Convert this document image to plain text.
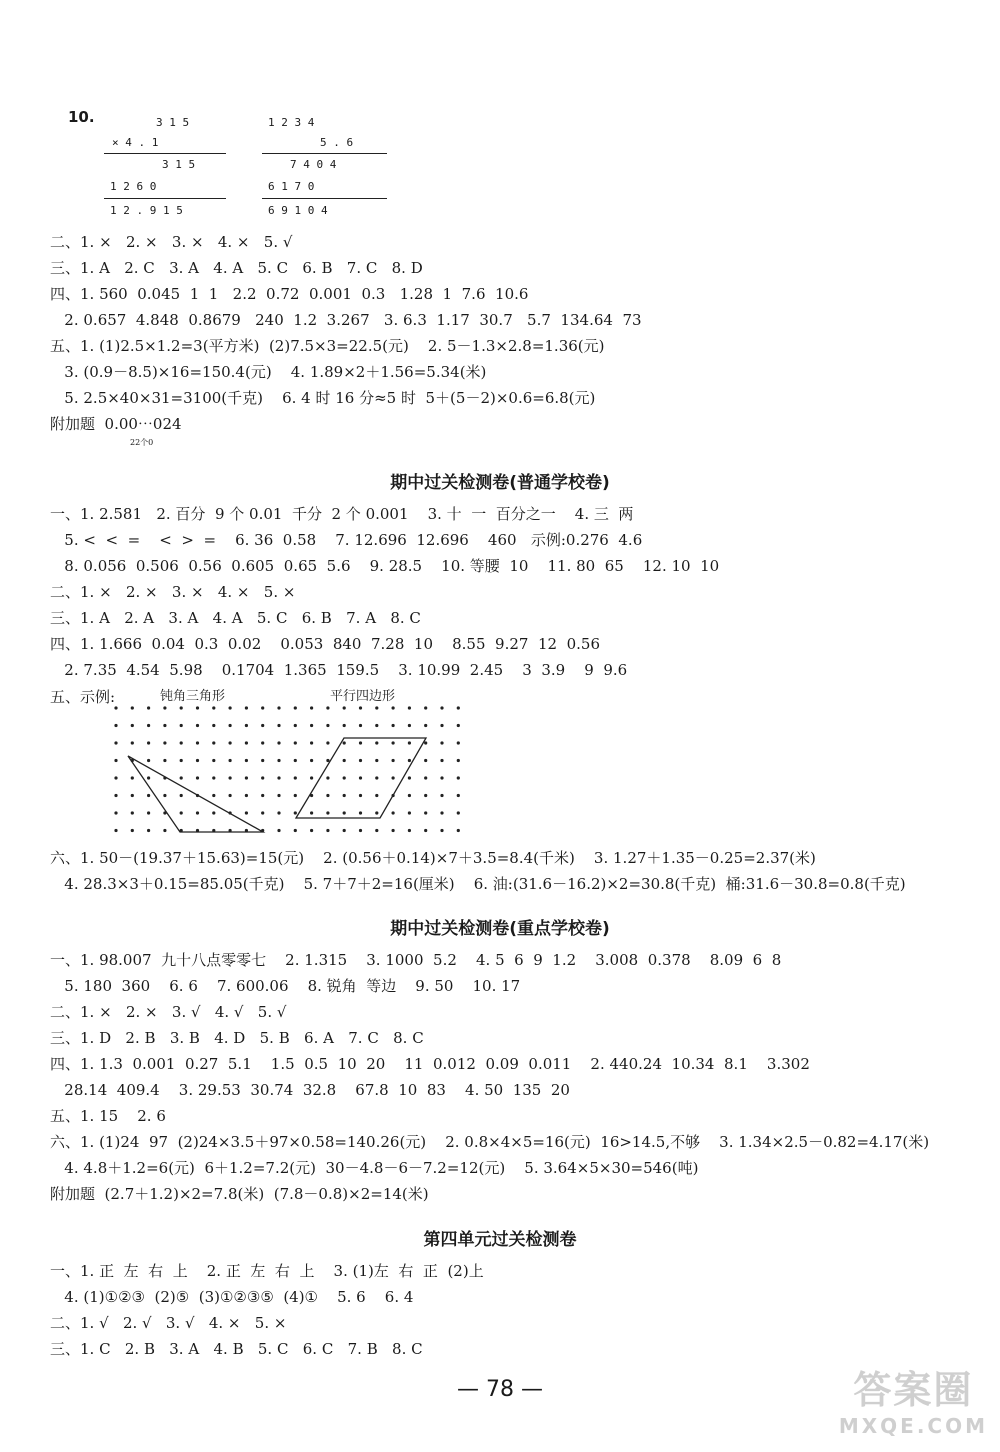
10.	3 1 5
× 4 . 1
3 1 5
1 2 6 0
1 2 . 9 1 5
1 2 3 4
5 . 6
7 4 0 4
6 1 7 0
6 9 1 0 4
二、1. ×   2. ×   3. ×   4. ×   5. √
三、1. A   2. C   3. A   4. A   5. C   6. B   7. C   8. D
四、1. 560  0.045  1  1   2.2  0.72  0.001  0.3   1.28  1  7.6  10.6
2. 0.657  4.848  0.8679   240  1.2  3.267   3. 6.3  1.17  30.7   5.7  134.64  73
五、1. (1)2.5×1.2=3(平方米)  (2)7.5×3=22.5(元)    2. 5－1.3×2.8=1.36(元)
3. (0.9－8.5)×16=150.4(元)    4. 1.89×2＋1.56=5.34(米)
5. 2.5×40×31=3100(千克)    6. 4 时 16 分≈5 时  5＋(5－2)×0.6=6.8(元)
附加题  0.00⋯024
22个0
期中过关检测卷(普通学校卷)
一、1. 2.581   2. 百分  9 个 0.01  千分  2 个 0.001    3. 十  一  百分之一    4. 三  两
5. <  <  =    <  >  =    6. 36  0.58    7. 12.696  12.696    460   示例:0.276  4.6
8. 0.056  0.506  0.56  0.605  0.65  5.6    9. 28.5    10. 等腰  10    11. 80  65    12. 10  10
二、1. ×   2. ×   3. ×   4. ×   5. ×
三、1. A   2. A   3. A   4. A   5. C   6. B   7. A   8. C
四、1. 1.666  0.04  0.3  0.02    0.053  840  7.28  10    8.55  9.27  12  0.56
2. 7.35  4.54  5.98    0.1704  1.365  159.5    3. 10.99  2.45    3  3.9    9  9.6
五、示例:	钝角三角形	平行四边形
六、1. 50－(19.37＋15.63)=15(元)    2. (0.56＋0.14)×7＋3.5=8.4(千米)    3. 1.27＋1.35－0.25=2.37(米)
4. 28.3×3＋0.15=85.05(千克)    5. 7＋7＋2=16(厘米)    6. 油:(31.6－16.2)×2=30.8(千克)  桶:31.6－30.8=0.8(千克)
期中过关检测卷(重点学校卷)
一、1. 98.007  九十八点零零七    2. 1.315    3. 1000  5.2    4. 5  6  9  1.2    3.008  0.378    8.09  6  8
5. 180  360    6. 6    7. 600.06    8. 锐角  等边    9. 50    10. 17
二、1. ×   2. ×   3. √   4. √   5. √
三、1. D   2. B   3. B   4. D   5. B   6. A   7. C   8. C
四、1. 1.3  0.001  0.27  5.1    1.5  0.5  10  20    11  0.012  0.09  0.011    2. 440.24  10.34  8.1    3.302
28.14  409.4    3. 29.53  30.74  32.8    67.8  10  83    4. 50  135  20
五、1. 15    2. 6
六、1. (1)24  97  (2)24×3.5＋97×0.58=140.26(元)    2. 0.8×4×5=16(元)  16>14.5,不够    3. 1.34×2.5－0.82=4.17(米)
4. 4.8＋1.2=6(元)  6＋1.2=7.2(元)  30－4.8－6－7.2=12(元)    5. 3.64×5×30=546(吨)
附加题  (2.7＋1.2)×2=7.8(米)  (7.8－0.8)×2=14(米)
第四单元过关检测卷
一、1. 正  左  右  上    2. 正  左  右  上    3. (1)左  右  正  (2)上
4. (1)①②③  (2)⑤  (3)①②③⑤  (4)①    5. 6    6. 4
二、1. √   2. √   3. √   4. ×   5. ×
三、1. C   2. B   3. A   4. B   5. C   6. C   7. B   8. C
— 78 —	答案圈
MXQE.COM
